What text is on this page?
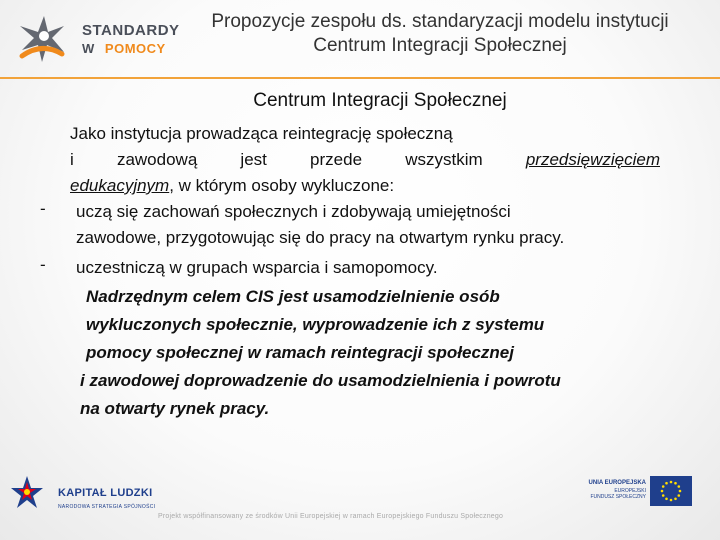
STANDARDY
W POMOCY
Propozycje zespołu ds. standaryzacji modelu instytucji
Centrum Integracji Społecznej
Centrum Integracji Społecznej
Jako instytucja prowadząca reintegrację społeczną
i zawodową jest przede wszystkim	przedsięwzięciem
edukacyjnym, w którym osoby wykluczone:
- uczą się zachowań społecznych i zdobywają umiejętności
zawodowe, przygotowując się do pracy na otwartym rynku pracy.
- uczestniczą w grupach wsparcia i samopomocy.
Nadrzędnym celem CIS jest usamodzielnienie osób
wykluczonych społecznie, wyprowadzenie ich z systemu
pomocy społecznej w ramach reintegracji społecznej
i zawodowej doprowadzenie do usamodzielnienia i powrotu
na otwarty rynek pracy.
KAPITAŁ LUDZKI
NARODOWA STRATEGIA SPÓJNOŚCI
Projekt współfinansowany ze środków Unii Europejskiej w ramach Europejskiego Funduszu Społecznego
UNIA EUROPEJSKA
EUROPEJSKI
FUNDUSZ SPOŁECZNY
